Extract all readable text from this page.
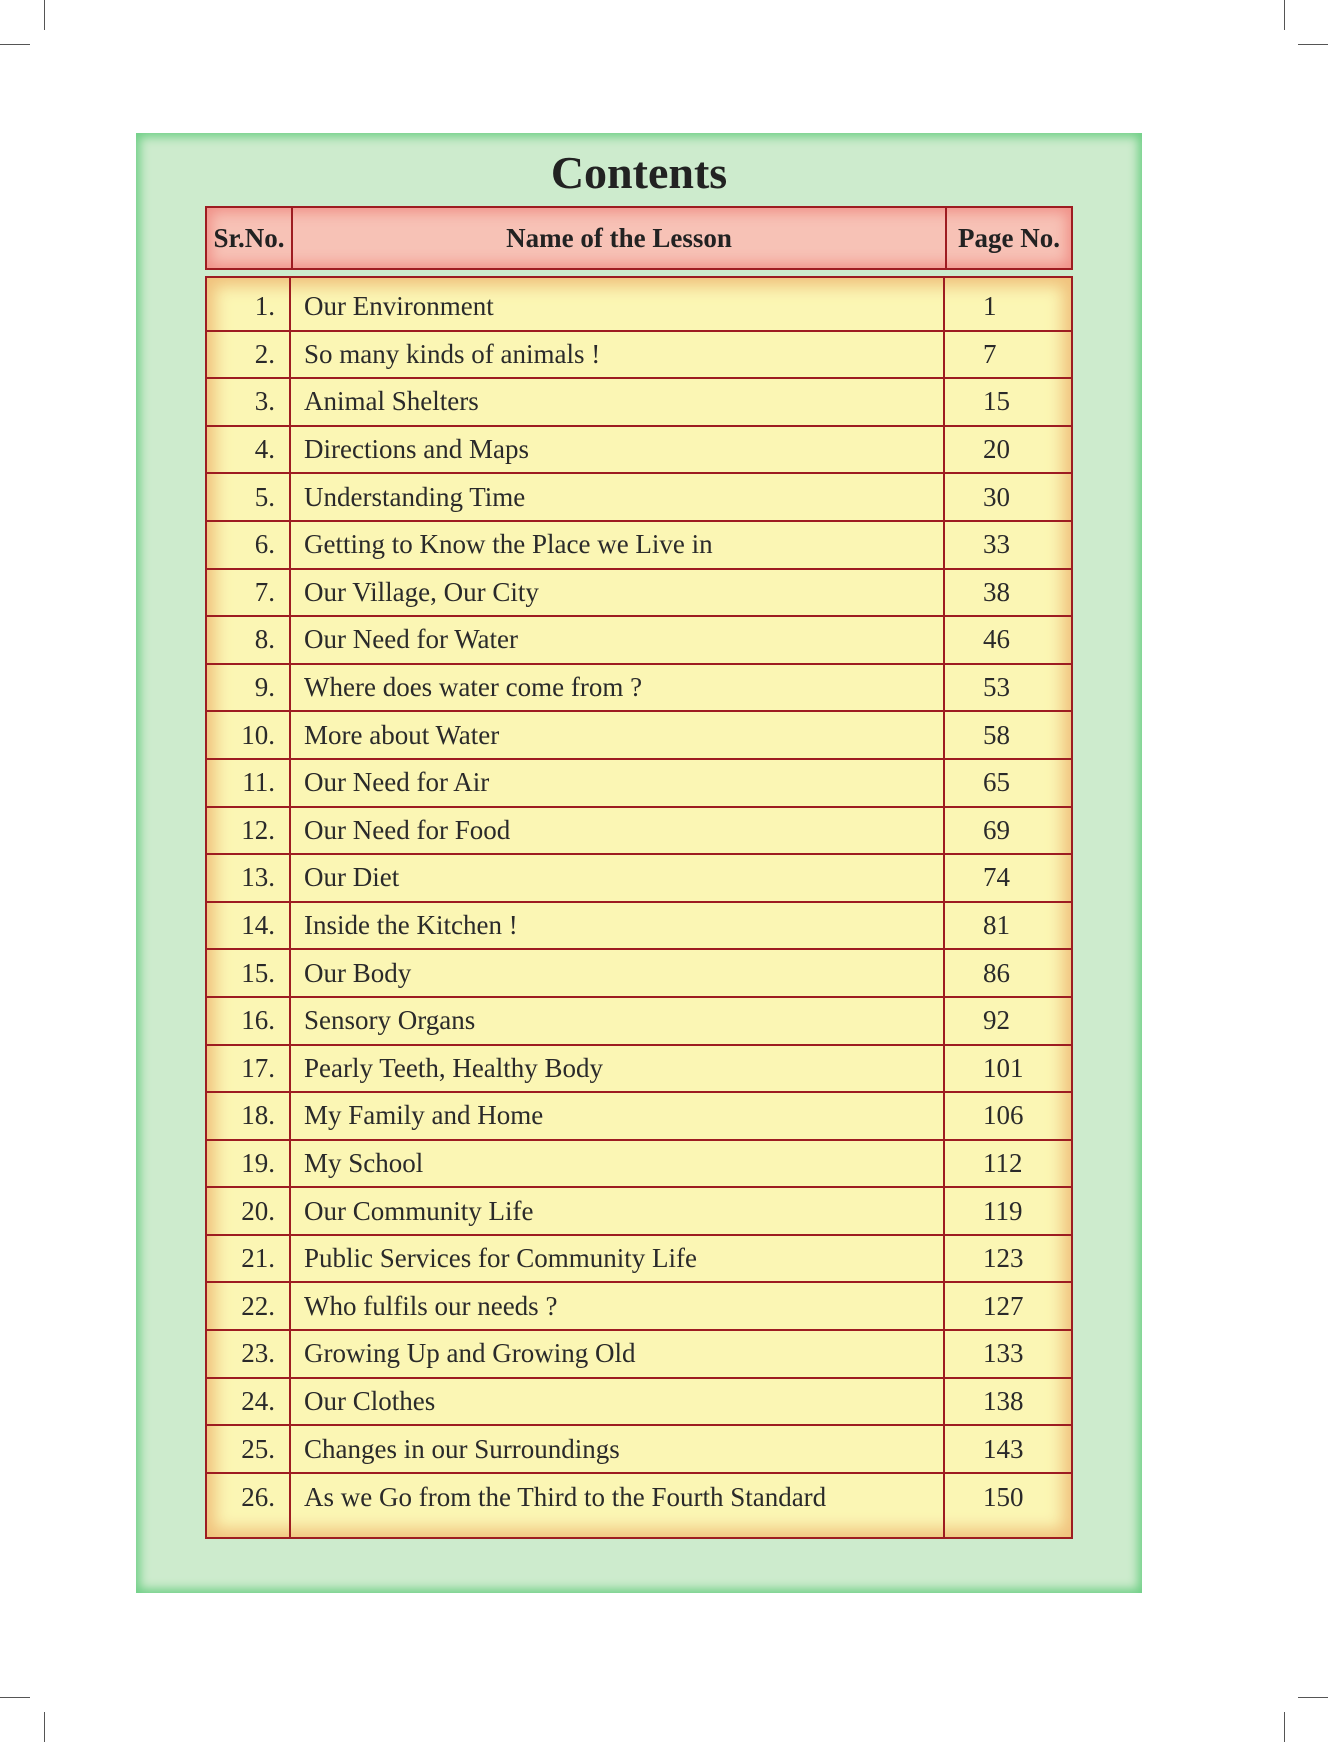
Contents
Sr.No.	Name of the Lesson	Page No.
1.	Our Environment	1
2.	So many kinds of animals !	7
3.	Animal Shelters	15
4.	Directions and Maps	20
5.	Understanding Time	30
6.	Getting to Know the Place we Live in	33
7.	Our Village, Our City	38
8.	Our Need for Water	46
9.	Where does water come from ?	53
10.	More about Water	58
11.	Our Need for Air	65
12.	Our Need for Food	69
13.	Our Diet	74
14.	Inside the Kitchen !	81
15.	Our Body	86
16.	Sensory Organs	92
17.	Pearly Teeth, Healthy Body	101
18.	My Family and Home	106
19.	My School	112
20.	Our Community Life	119
21.	Public Services for Community Life	123
22.	Who fulfils our needs ?	127
23.	Growing Up and Growing Old	133
24.	Our Clothes	138
25.	Changes in our Surroundings	143
26.	As we Go from the Third to the Fourth Standard	150
